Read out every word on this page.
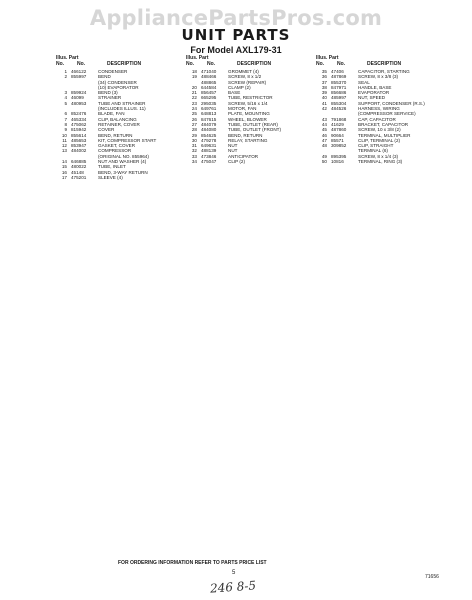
AppliancePartsPros.com
UNIT PARTS
For Model AXL179-31
Illus. Part
No.	No.	DESCRIPTION
1 466122	CONDENSER
2 855997	BEND
(34) CONDENSER
(10) EVAPORATOR
3 859924	BEND (3)
4 46099	STRAINER
5 480953	TUBE AND STRAINER
(INCLUDES ILLUS. 11)
6 852476	BLADE, FAN
7 465334	CLIP, BALANCING
8 475062	RETAINER, COVER
9 815942	COVER
10 855614	BEND, RETURN
11 485653	KIT, COMPRESSOR START
12 853947	GASKET, COVER
13 484002	COMPRESSOR
(ORIGINAL NO. 855964)
14 646885	NUT AND WASHER (4)
15 480022	TUBE, INLET
16 45148	BEND, 3-WAY RETURN
17 475201	SLEEVE (4)
Illus. Part
No.	No.	DESCRIPTION
18 471040	GROMMET (4)
19 488466	SCREW, 8 x 1/2
488865	SCREW (REPAIR)
20 644584	CLAMP (2)
21 856457	BASE
22 665295	TUBE, RESTRICTOR
23 295035	SCREW, 5/16 x 1/4
24 649761	MOTOR, FAN
25 648813	PLATE, MOUNTING
26 847615	WHEEL, BLOWER
27 484079	TUBE, OUTLET (REAR)
28 484080	TUBE, OUTLET (FRONT)
29 854625	BEND, RETURN
30 479278	RELAY, STARTING
31 649631	NUT
32 488139	NUT
33 473846	ANTICIPATOR
34 475047	CLIP (2)
Illus. Part
No.	No.	DESCRIPTION
35 47406	CAPACITOR, STARTING
36 487869	SCREW, 8 x 3/8 (3)
37 855370	SEAL
38 847971	HANDLE, BASE
39 856686	EVAPORATOR
40 485997	NUT, SPEED
41 855304	SUPPORT, CONDENSER (R.S.)
42 484526	HARNESS, WIRING
(COMPRESSOR SERVICE)
43 791868	CAP, CAPACITOR
44 41629	BRACKET, CAPACITOR
45 487860	SCREW, 10 x 3/8 (2)
46 90664	TERMINAL, MULTIPLIER
47 85571	CLIP, TERMINAL (2)
48 309852	CLIP, STRAIGHT
TERMINAL (6)
49 895395	SCREW, 8 x 1/4 (3)
50 10816	TERMINAL, RING (3)
FOR ORDERING INFORMATION REFER TO PARTS PRICE LIST
5
71656
246 8-5
